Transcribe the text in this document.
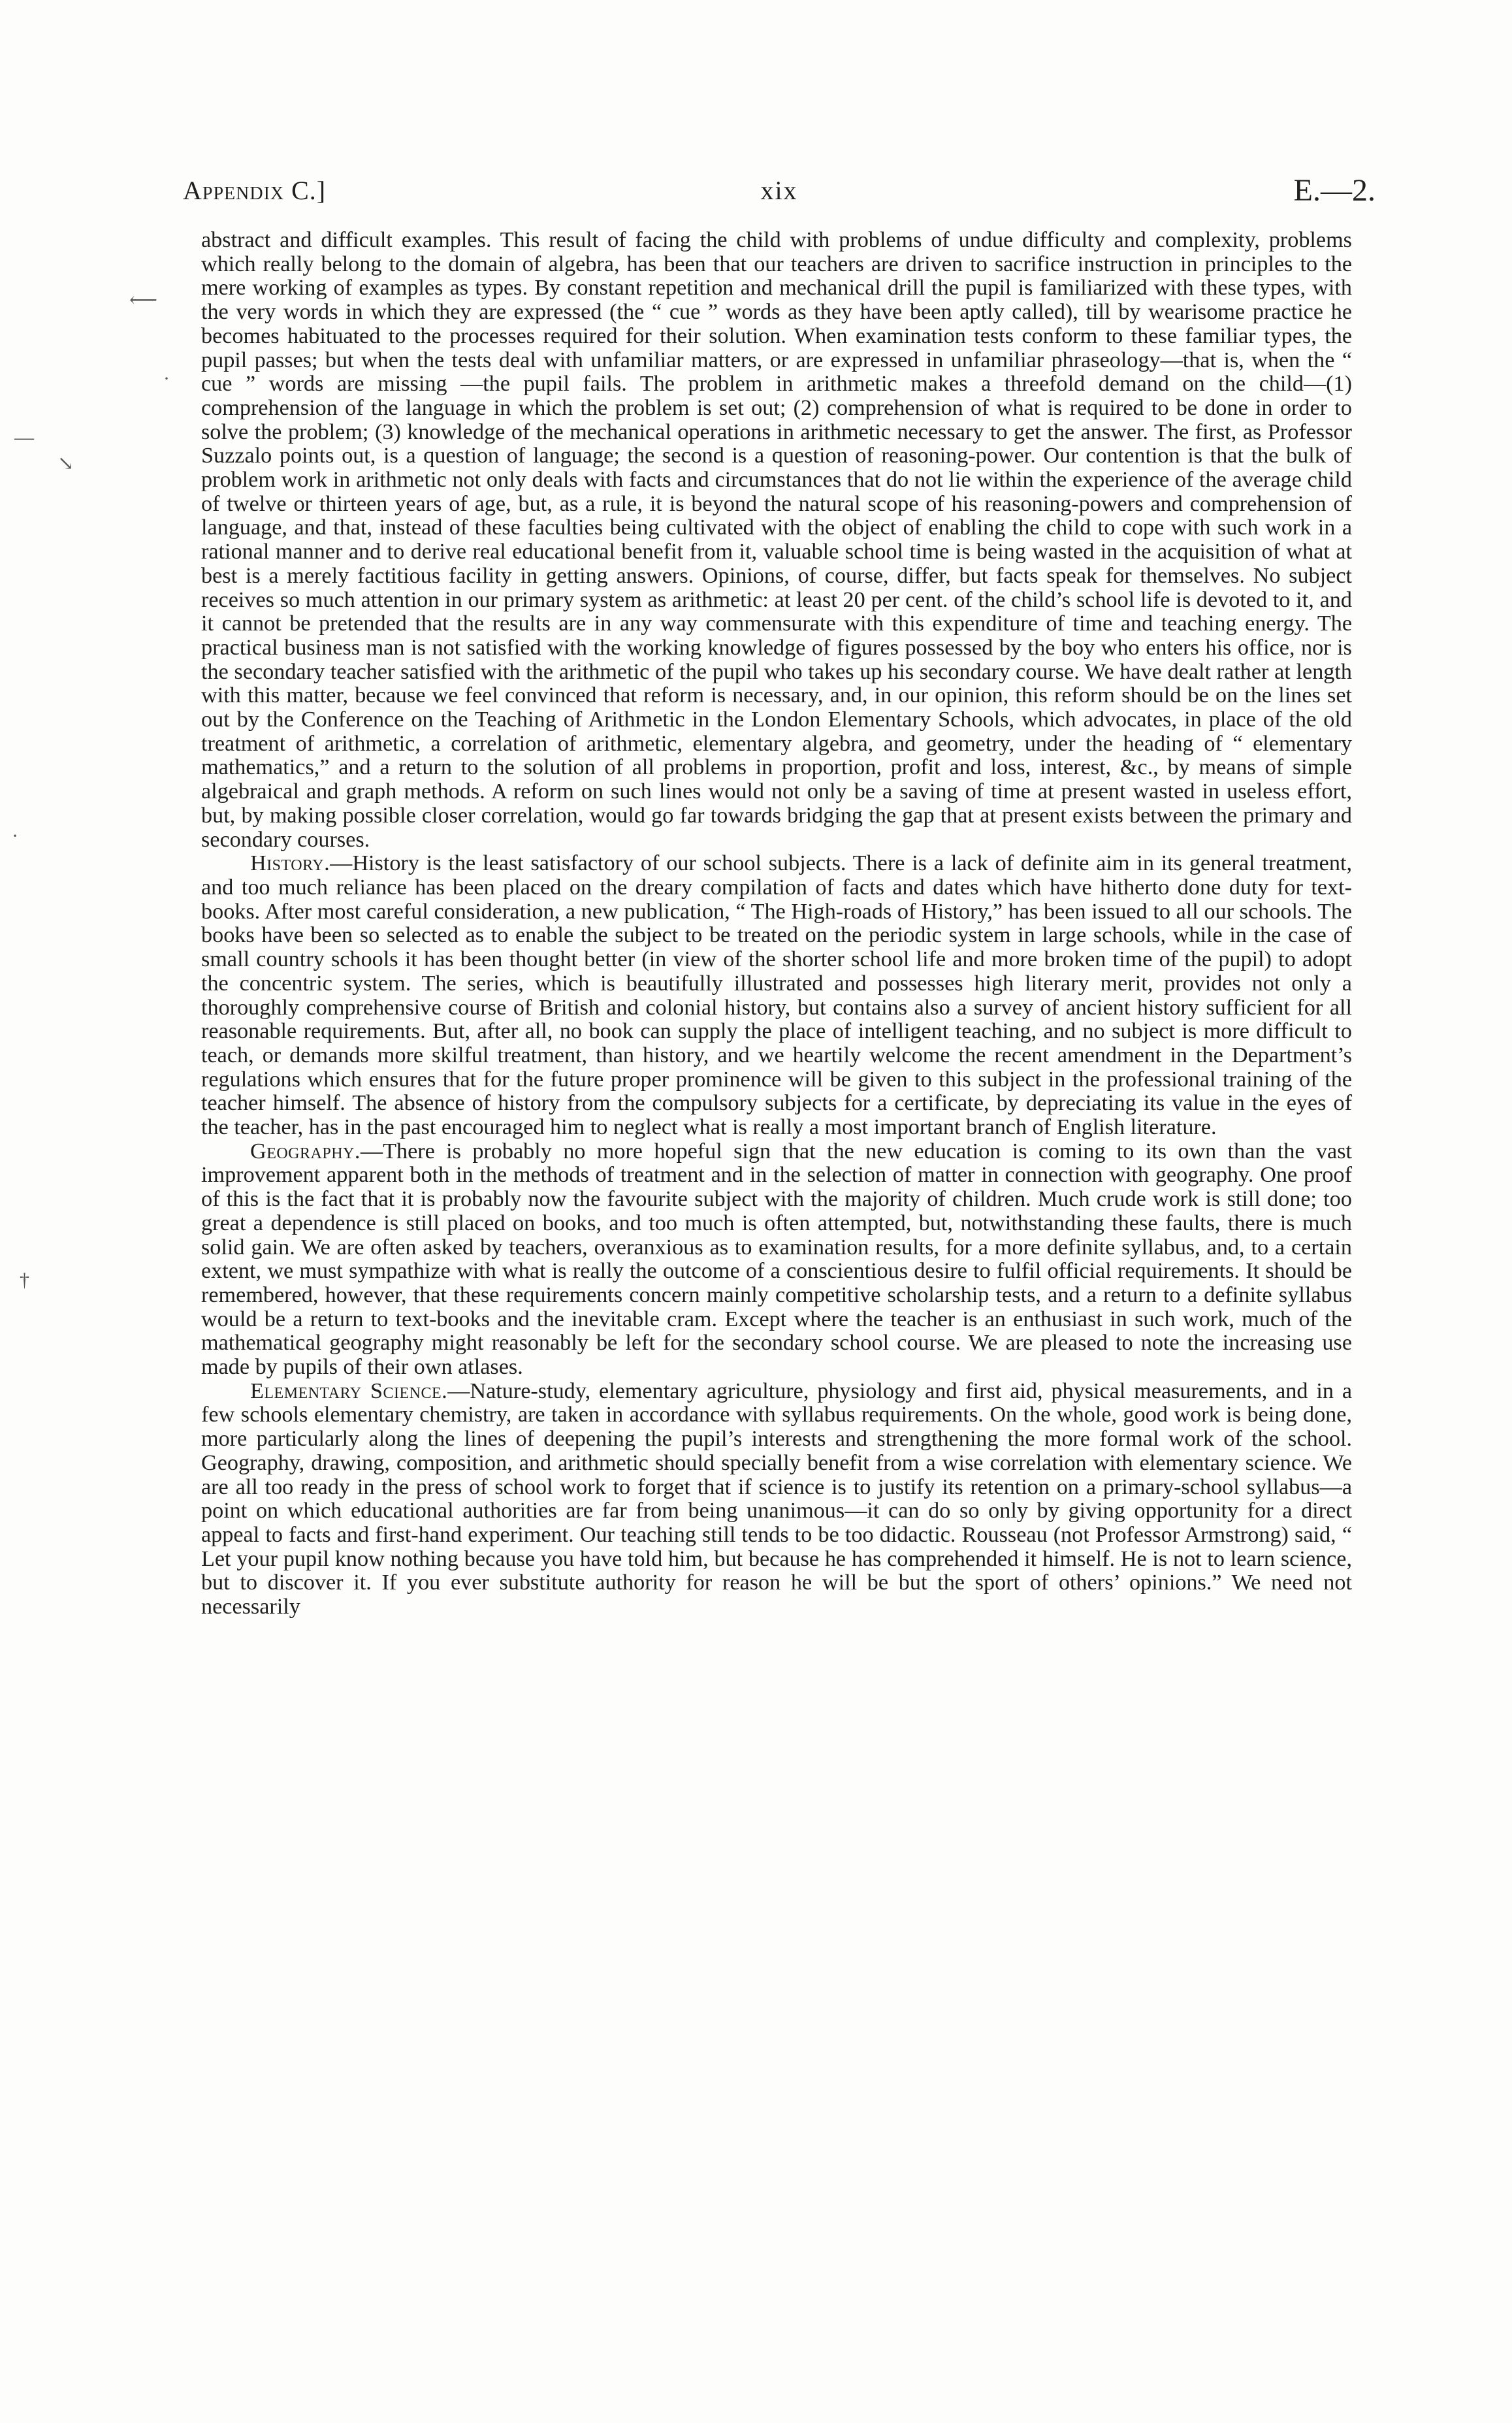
Appendix C.]	xix	E.—2.
⟵
·
—
↘
·
†

abstract and difficult examples. This result of facing the child with problems of undue difficulty and complexity, problems which really belong to the domain of algebra, has been that our teachers are driven to sacrifice instruction in principles to the mere working of examples as types. By constant repetition and mechanical drill the pupil is familiarized with these types, with the very words in which they are expressed (the “ cue ” words as they have been aptly called), till by wearisome practice he becomes habituated to the processes required for their solution. When examination tests conform to these familiar types, the pupil passes; but when the tests deal with unfamiliar matters, or are expressed in unfamiliar phraseology—that is, when the “ cue ” words are missing —the pupil fails. The problem in arithmetic makes a threefold demand on the child—(1) comprehension of the language in which the problem is set out; (2) comprehension of what is required to be done in order to solve the problem; (3) knowledge of the mechanical operations in arithmetic necessary to get the answer. The first, as Professor Suzzalo points out, is a question of language; the second is a question of reasoning-power. Our contention is that the bulk of problem work in arithmetic not only deals with facts and circumstances that do not lie within the experience of the average child of twelve or thirteen years of age, but, as a rule, it is beyond the natural scope of his reasoning-powers and comprehension of language, and that, instead of these faculties being cultivated with the object of enabling the child to cope with such work in a rational manner and to derive real educational benefit from it, valuable school time is being wasted in the acquisition of what at best is a merely factitious facility in getting answers. Opinions, of course, differ, but facts speak for themselves. No subject receives so much attention in our primary system as arithmetic: at least 20 per cent. of the child’s school life is devoted to it, and it cannot be pretended that the results are in any way commensurate with this expenditure of time and teaching energy. The practical business man is not satisfied with the working knowledge of figures possessed by the boy who enters his office, nor is the secondary teacher satisfied with the arithmetic of the pupil who takes up his secondary course. We have dealt rather at length with this matter, because we feel convinced that reform is necessary, and, in our opinion, this reform should be on the lines set out by the Conference on the Teaching of Arithmetic in the London Elementary Schools, which advocates, in place of the old treatment of arithmetic, a correlation of arithmetic, elementary algebra, and geometry, under the heading of “ elementary mathematics,” and a return to the solution of all problems in proportion, profit and loss, interest, &c., by means of simple algebraical and graph methods. A reform on such lines would not only be a saving of time at present wasted in useless effort, but, by making possible closer correlation, would go far towards bridging the gap that at present exists between the primary and secondary courses.

History.—History is the least satisfactory of our school subjects. There is a lack of definite aim in its general treatment, and too much reliance has been placed on the dreary compilation of facts and dates which have hitherto done duty for text-books. After most careful consideration, a new publication, “ The High-roads of History,” has been issued to all our schools. The books have been so selected as to enable the subject to be treated on the periodic system in large schools, while in the case of small country schools it has been thought better (in view of the shorter school life and more broken time of the pupil) to adopt the concentric system. The series, which is beautifully illustrated and possesses high literary merit, provides not only a thoroughly comprehensive course of British and colonial history, but contains also a survey of ancient history sufficient for all reasonable requirements. But, after all, no book can supply the place of intelligent teaching, and no subject is more difficult to teach, or demands more skilful treatment, than history, and we heartily welcome the recent amendment in the Department’s regulations which ensures that for the future proper prominence will be given to this subject in the professional training of the teacher himself. The absence of history from the compulsory subjects for a certificate, by depreciating its value in the eyes of the teacher, has in the past encouraged him to neglect what is really a most important branch of English literature.

Geography.—There is probably no more hopeful sign that the new education is coming to its own than the vast improvement apparent both in the methods of treatment and in the selection of matter in connection with geography. One proof of this is the fact that it is probably now the favourite subject with the majority of children. Much crude work is still done; too great a dependence is still placed on books, and too much is often attempted, but, notwithstanding these faults, there is much solid gain. We are often asked by teachers, overanxious as to examination results, for a more definite syllabus, and, to a certain extent, we must sympathize with what is really the outcome of a conscientious desire to fulfil official requirements. It should be remembered, however, that these requirements concern mainly competitive scholarship tests, and a return to a definite syllabus would be a return to text-books and the inevitable cram. Except where the teacher is an enthusiast in such work, much of the mathematical geography might reasonably be left for the secondary school course. We are pleased to note the increasing use made by pupils of their own atlases.

Elementary Science.—Nature-study, elementary agriculture, physiology and first aid, physical measurements, and in a few schools elementary chemistry, are taken in accordance with syllabus requirements. On the whole, good work is being done, more particularly along the lines of deepening the pupil’s interests and strengthening the more formal work of the school. Geography, drawing, composition, and arithmetic should specially benefit from a wise correlation with elementary science. We are all too ready in the press of school work to forget that if science is to justify its retention on a primary-school syllabus—a point on which educational authorities are far from being unanimous—it can do so only by giving opportunity for a direct appeal to facts and first-hand experiment. Our teaching still tends to be too didactic. Rousseau (not Professor Armstrong) said, “ Let your pupil know nothing because you have told him, but because he has comprehended it himself. He is not to learn science, but to discover it. If you ever substitute authority for reason he will be but the sport of others’ opinions.” We need not necessarily
